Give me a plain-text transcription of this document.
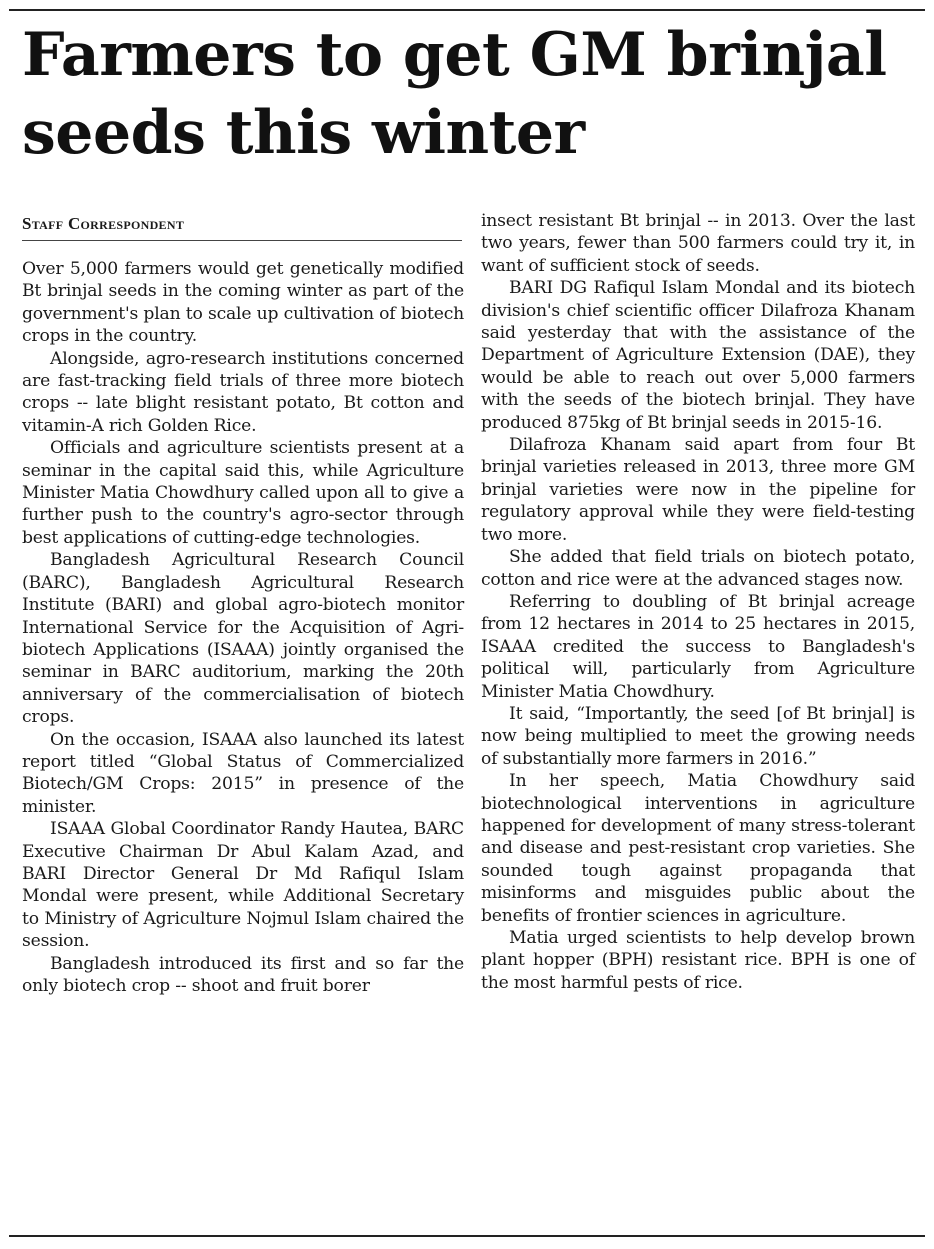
Farmers to get GM brinjal seeds this winter
Staff Correspondent

Over 5,000 farmers would get genetically modified Bt brinjal seeds in the coming winter as part of the government's plan to scale up cultivation of biotech crops in the country.

Alongside, agro-research institutions concerned are fast-tracking field trials of three more biotech crops -- late blight resistant potato, Bt cotton and vitamin-A rich Golden Rice.

Officials and agriculture scientists present at a seminar in the capital said this, while Agriculture Minister Matia Chowdhury called upon all to give a further push to the country's agro-sector through best applications of cutting-edge technologies.

Bangladesh Agricultural Research Council (BARC), Bangladesh Agricultural Research Institute (BARI) and global agro-biotech monitor International Service for the Acquisition of Agri-biotech Applications (ISAAA) jointly organised the seminar in BARC auditorium, marking the 20th anniversary of the commercialisation of biotech crops.

On the occasion, ISAAA also launched its latest report titled “Global Status of Commercialized Biotech/GM Crops: 2015” in presence of the minister.

ISAAA Global Coordinator Randy Hautea, BARC Executive Chairman Dr Abul Kalam Azad, and BARI Director General Dr Md Rafiqul Islam Mondal were present, while Additional Secretary to Ministry of Agriculture Nojmul Islam chaired the session.

Bangladesh introduced its first and so far the only biotech crop -- shoot and fruit borer

insect resistant Bt brinjal -- in 2013. Over the last two years, fewer than 500 farmers could try it, in want of sufficient stock of seeds.

BARI DG Rafiqul Islam Mondal and its biotech division's chief scientific officer Dilafroza Khanam said yesterday that with the assistance of the Department of Agriculture Extension (DAE), they would be able to reach out over 5,000 farmers with the seeds of the biotech brinjal. They have produced 875kg of Bt brinjal seeds in 2015-16.

Dilafroza Khanam said apart from four Bt brinjal varieties released in 2013, three more GM brinjal varieties were now in the pipeline for regulatory approval while they were field-testing two more.

She added that field trials on biotech potato, cotton and rice were at the advanced stages now.

Referring to doubling of Bt brinjal acreage from 12 hectares in 2014 to 25 hectares in 2015, ISAAA credited the success to Bangladesh's political will, particularly from Agriculture Minister Matia Chowdhury.

It said, “Importantly, the seed [of Bt brinjal] is now being multiplied to meet the growing needs of substantially more farmers in 2016.”

In her speech, Matia Chowdhury said biotechnological interventions in agriculture happened for development of many stress-tolerant and disease and pest-resistant crop varieties. She sounded tough against propaganda that misinforms and misguides public about the benefits of frontier sciences in agriculture.

Matia urged scientists to help develop brown plant hopper (BPH) resistant rice. BPH is one of the most harmful pests of rice.
